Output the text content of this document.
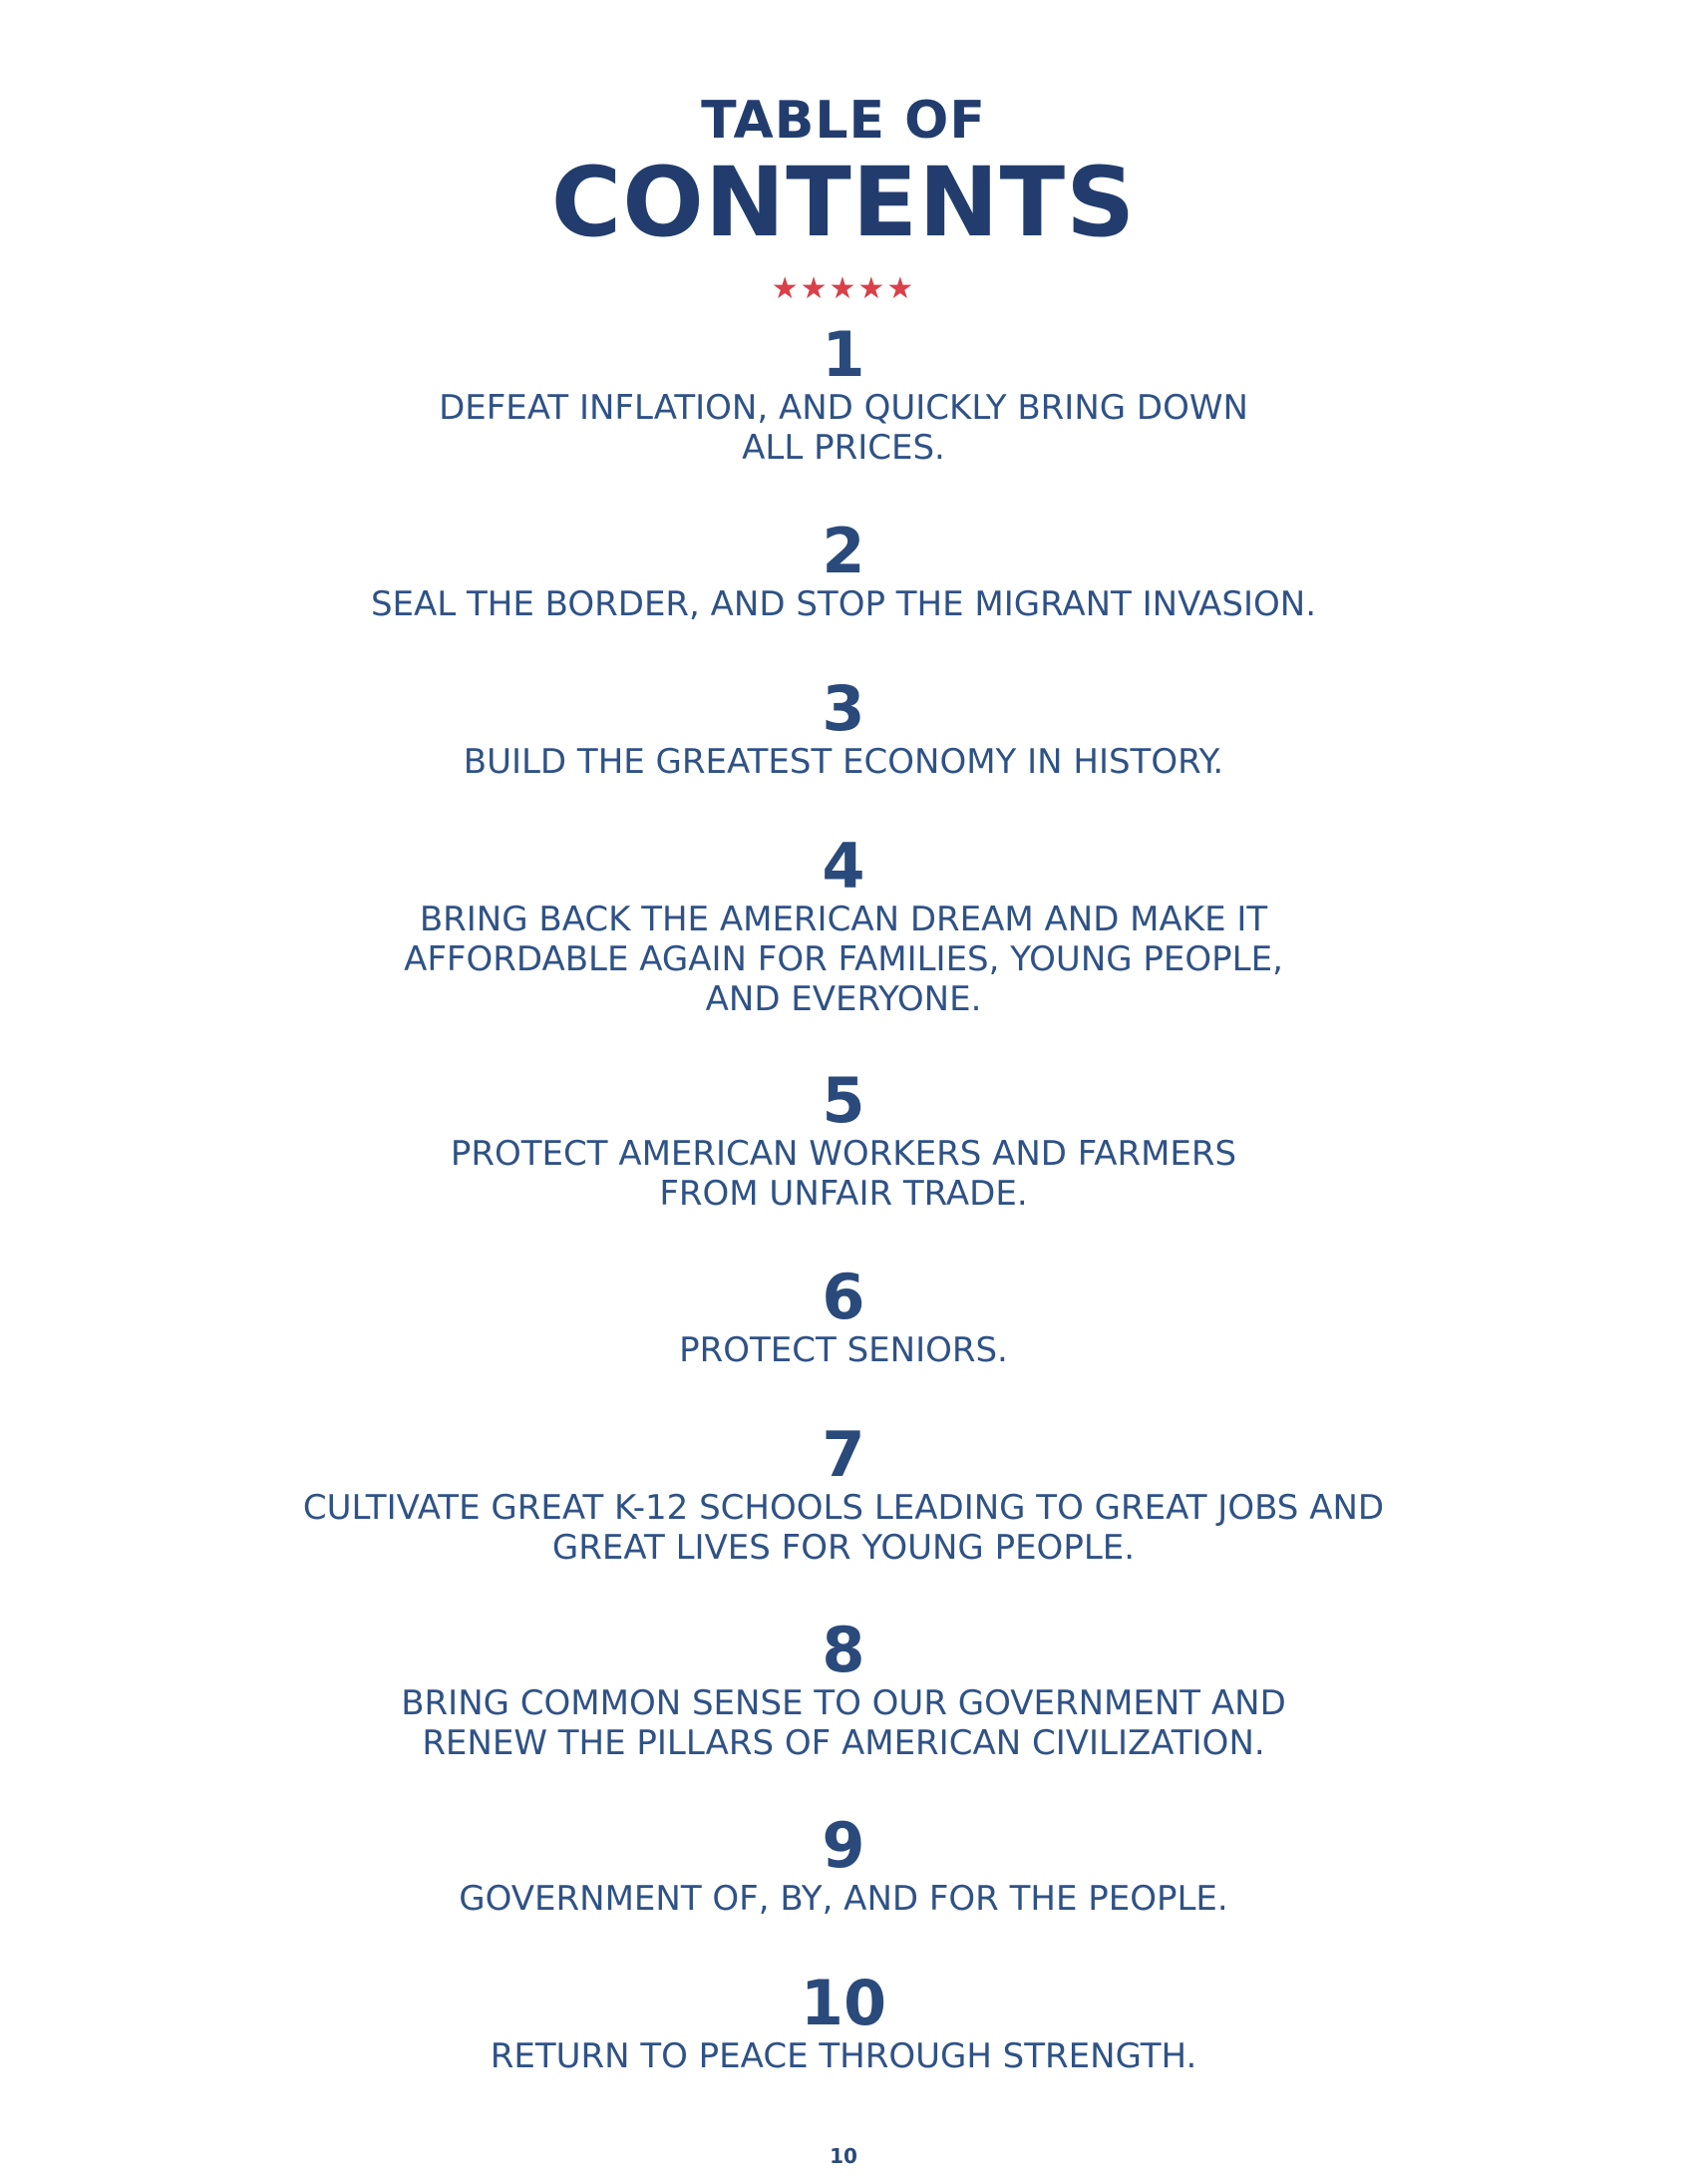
TABLE OF
CONTENTS
★★★★★
1
DEFEAT INFLATION, AND QUICKLY BRING DOWN
ALL PRICES.
2
SEAL THE BORDER, AND STOP THE MIGRANT INVASION.
3
BUILD THE GREATEST ECONOMY IN HISTORY.
4
BRING BACK THE AMERICAN DREAM AND MAKE IT
AFFORDABLE AGAIN FOR FAMILIES, YOUNG PEOPLE,
AND EVERYONE.
5
PROTECT AMERICAN WORKERS AND FARMERS
FROM UNFAIR TRADE.
6
PROTECT SENIORS.
7
CULTIVATE GREAT K-12 SCHOOLS LEADING TO GREAT JOBS AND
GREAT LIVES FOR YOUNG PEOPLE.
8
BRING COMMON SENSE TO OUR GOVERNMENT AND
RENEW THE PILLARS OF AMERICAN CIVILIZATION.
9
GOVERNMENT OF, BY, AND FOR THE PEOPLE.
10
RETURN TO PEACE THROUGH STRENGTH.
10
